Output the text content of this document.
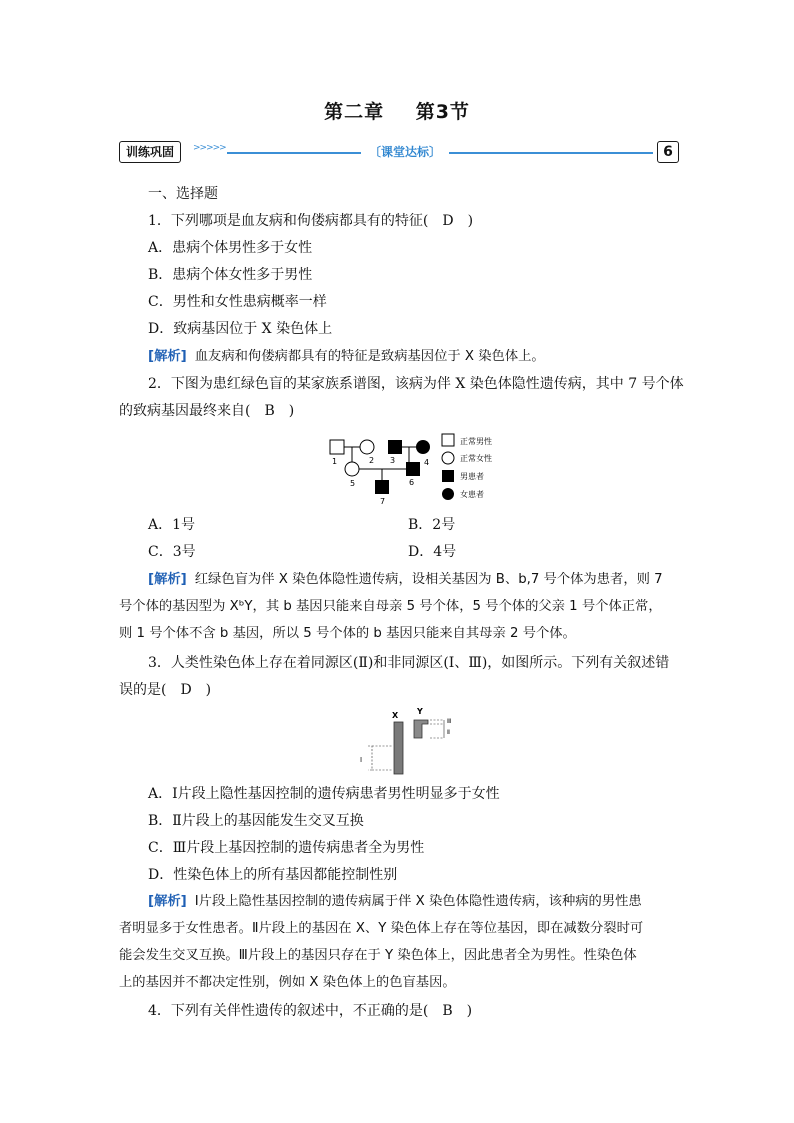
第二章 第3节
训练巩固	>>>>>	〔课堂达标〕	6
一、选择题
1．下列哪项是血友病和佝偻病都具有的特征(　D　)
A．患病个体男性多于女性
B．患病个体女性多于男性
C．男性和女性患病概率一样
D．致病基因位于 X 染色体上
[解析] 血友病和佝偻病都具有的特征是致病基因位于 X 染色体上。
2．下图为患红绿色盲的某家族系谱图，该病为伴 X 染色体隐性遗传病，其中 7 号个体
的致病基因最终来自(　B　)
1	2 3	4
5	6
7
正常男性
正常女性
男患者
女患者
A．1号	B．2号
C．3号	D．4号
[解析] 红绿色盲为伴 X 染色体隐性遗传病，设相关基因为 B、b,7 号个体为患者，则 7
号个体的基因型为 XᵇY，其 b 基因只能来自母亲 5 号个体，5 号个体的父亲 1 号个体正常，
则 1 号个体不含 b 基因，所以 5 号个体的 b 基因只能来自其母亲 2 号个体。
3．人类性染色体上存在着同源区(Ⅱ)和非同源区(Ⅰ、Ⅲ)，如图所示。下列有关叙述错
误的是(　D　)
X Y
Ⅰ
Ⅲ
Ⅱ
A．Ⅰ片段上隐性基因控制的遗传病患者男性明显多于女性
B．Ⅱ片段上的基因能发生交叉互换
C．Ⅲ片段上基因控制的遗传病患者全为男性
D．性染色体上的所有基因都能控制性别
[解析] Ⅰ片段上隐性基因控制的遗传病属于伴 X 染色体隐性遗传病，该种病的男性患
者明显多于女性患者。Ⅱ片段上的基因在 X、Y 染色体上存在等位基因，即在减数分裂时可
能会发生交叉互换。Ⅲ片段上的基因只存在于 Y 染色体上，因此患者全为男性。性染色体
上的基因并不都决定性别，例如 X 染色体上的色盲基因。
4．下列有关伴性遗传的叙述中，不正确的是(　B　)
